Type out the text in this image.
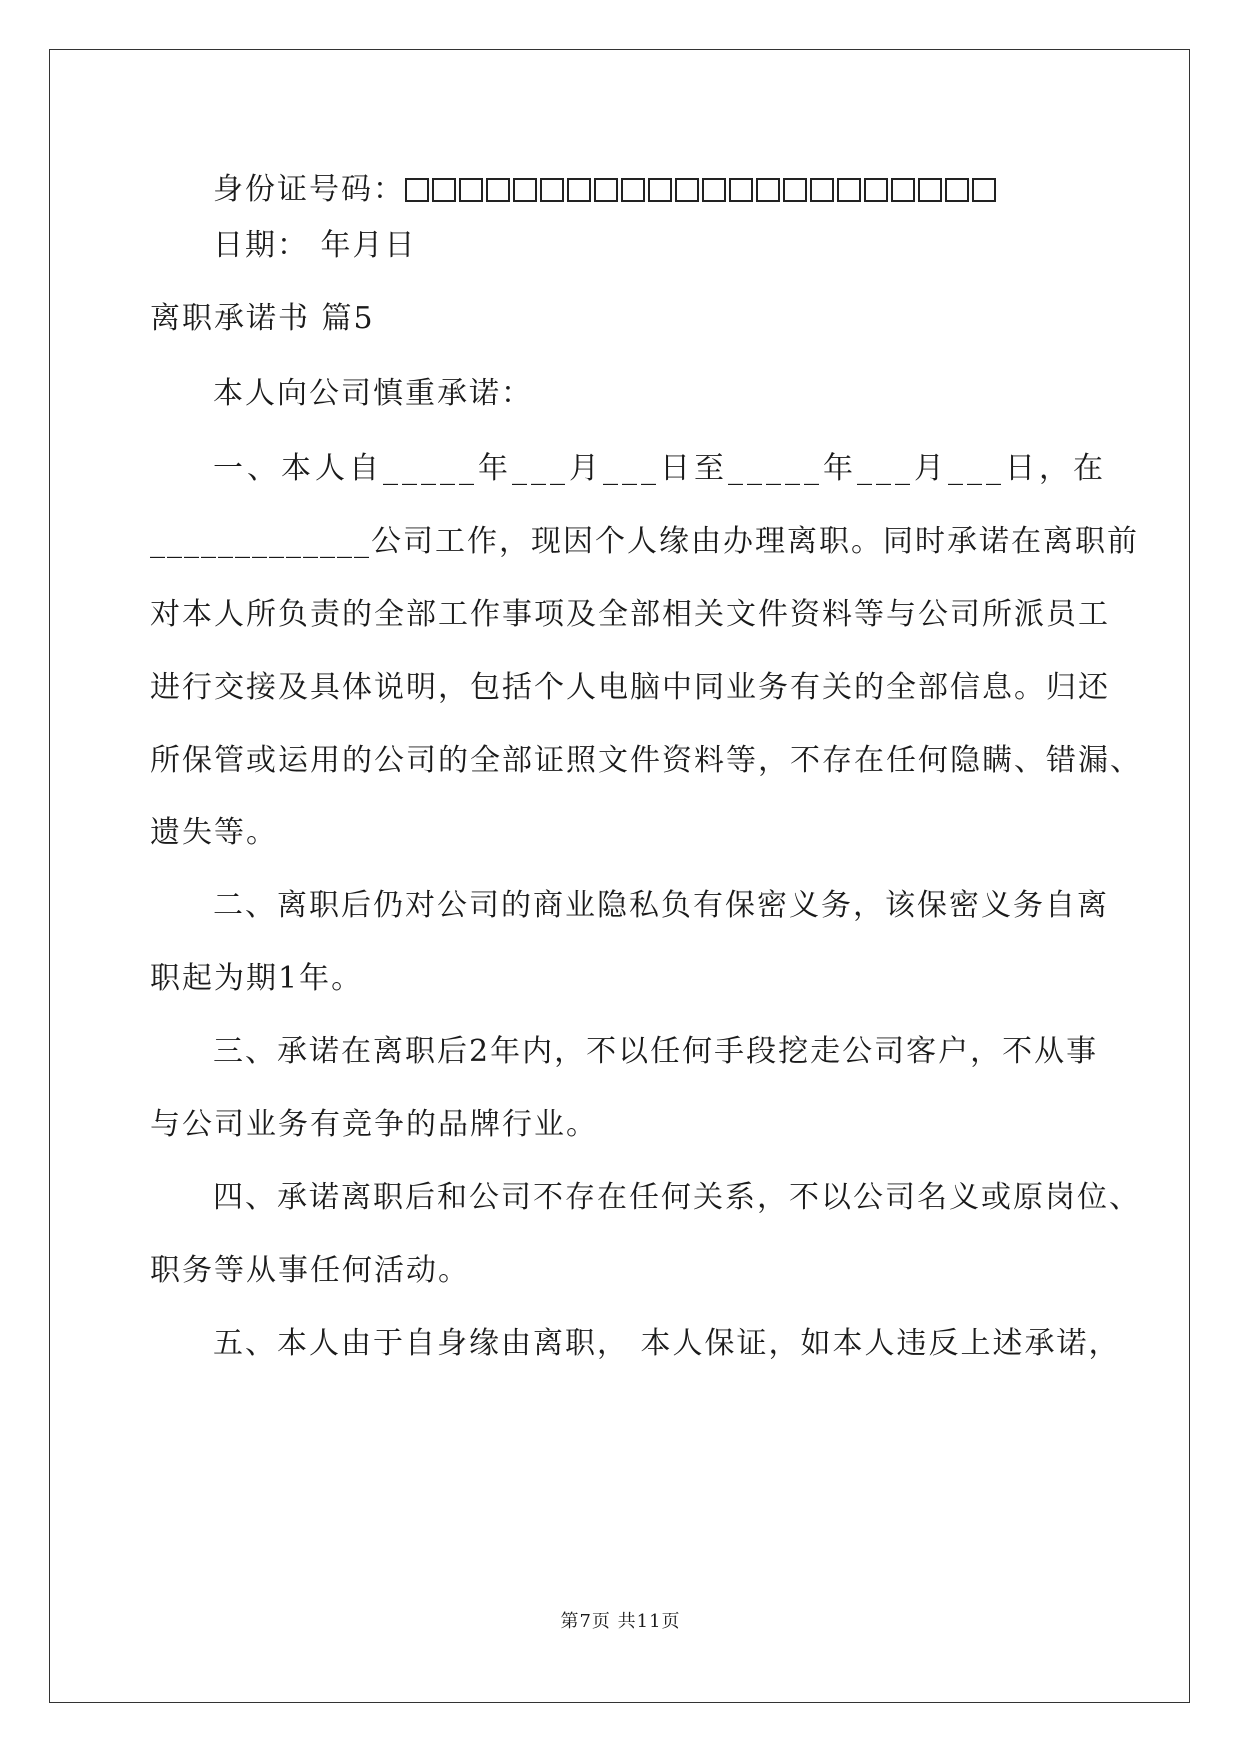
身份证号码：
日期： 年月日
离职承诺书 篇5
本人向公司慎重承诺：
一、本人自_____年___月___日至_____年___月___日，在
_____________公司工作，现因个人缘由办理离职。同时承诺在离职前
对本人所负责的全部工作事项及全部相关文件资料等与公司所派员工
进行交接及具体说明，包括个人电脑中同业务有关的全部信息。归还
所保管或运用的公司的全部证照文件资料等，不存在任何隐瞒、错漏、
遗失等。
二、离职后仍对公司的商业隐私负有保密义务，该保密义务自离
职起为期1年。
三、承诺在离职后2年内，不以任何手段挖走公司客户，不从事
与公司业务有竞争的品牌行业。
四、承诺离职后和公司不存在任何关系，不以公司名义或原岗位、
职务等从事任何活动。
五、本人由于自身缘由离职， 本人保证，如本人违反上述承诺，
第7页 共11页
